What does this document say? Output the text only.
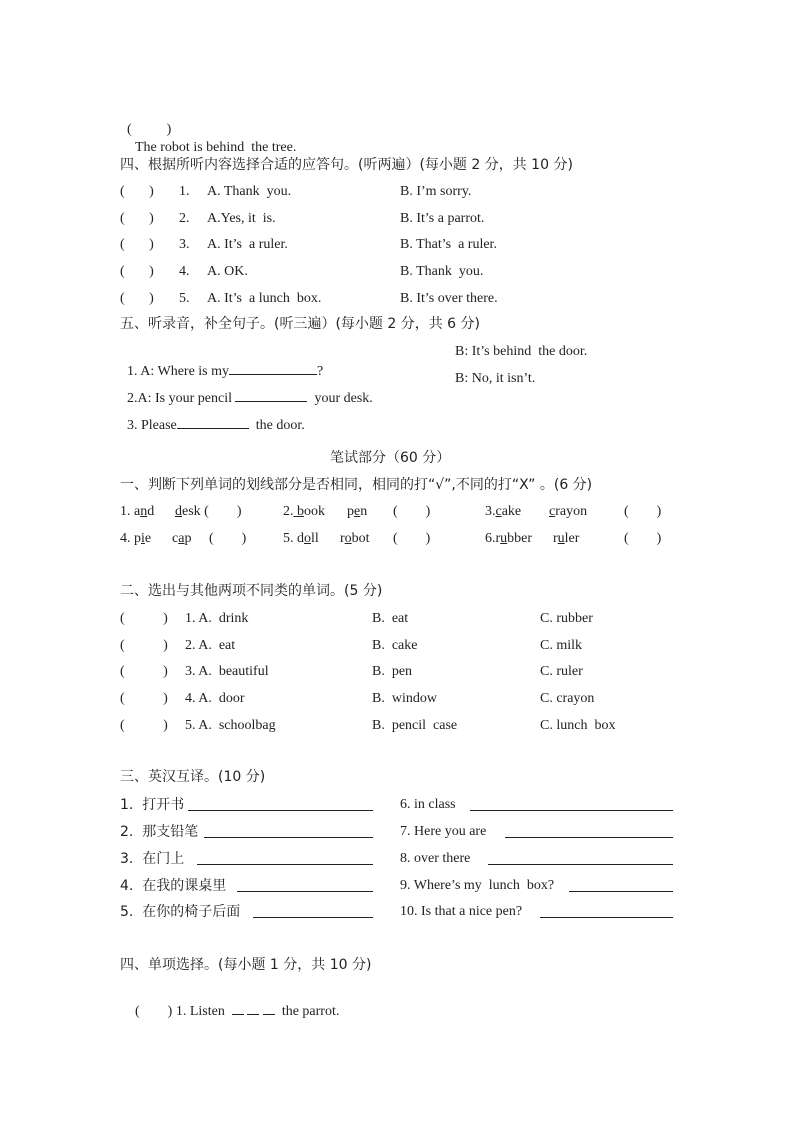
(          )
The robot is behind  the tree.

四、根据所听内容选择合适的应答句。(听两遍）(每小题 2 分，共 10 分)
(       ) 1. A. Thank  you.	B. I’m sorry.
(       ) 2. A.Yes, it  is.	B. It’s a parrot.
(       ) 3. A. It’s  a ruler.	B. That’s  a ruler.
(       ) 4. A. OK.	B. Thank  you.
(       ) 5. A. It’s  a lunch  box.	B. It’s over there.
五、听录音，补全句子。(听三遍）(每小题 2 分，共 6 分)

1. A: Where is my	?

B: It’s behind  the door.

2.A: Is your pencil	your desk.

B: No, it isn’t.

3. Please	the door.

笔试部分（60 分）
一、判断下列单词的划线部分是否相同，相同的打“√”,不同的打“X” 。(6 分)
1. and desk (        )	2. book pen (        )	3.cake crayon	(        )
4. pie cap (        )	5. doll robot (        )	6.rubber ruler	(        )
二、选出与其他两项不同类的单词。(5 分)
(           ) 1. A.  drink	B.  eat	C. rubber
(           ) 2. A.  eat	B.  cake	C. milk
(           ) 3. A.  beautiful	B.  pen	C. ruler
(           ) 4. A.  door	B.  window	C. crayon
(           ) 5. A.  schoolbag	B.  pencil  case	C. lunch  box
三、英汉互译。(10 分)
1.  打开书	6. in class
2.  那支铅笔	7. Here you are
3.  在门上	8. over there
4.  在我的课桌里	9. Where’s my  lunch  box?
5.  在你的椅子后面	10. Is that a nice pen?
四、单项选择。(每小题 1 分，共 10 分)

(        ) 1. Listen	the parrot.
